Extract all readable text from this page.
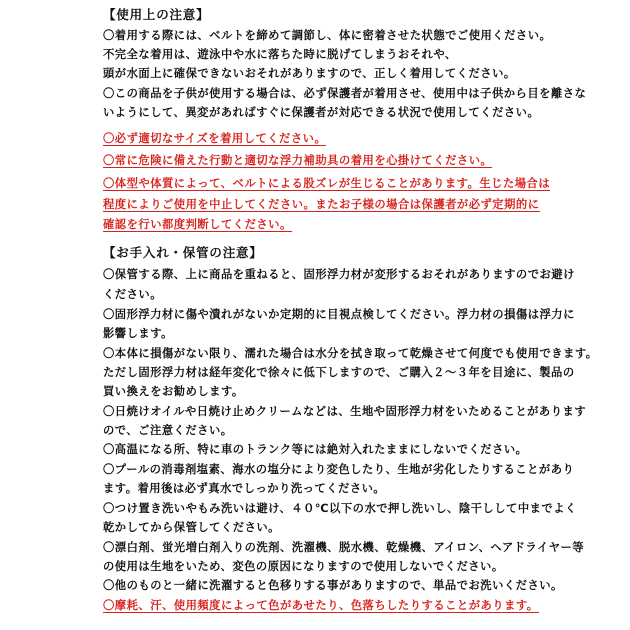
【使用上の注意】
〇着用する際には、ベルトを締めて調節し、体に密着させた状態でご使用ください。
不完全な着用は、遊泳中や水に落ちた時に脱げてしまうおそれや、
頭が水面上に確保できないおそれがありますので、正しく着用してください。
〇この商品を子供が使用する場合は、必ず保護者が着用させ、使用中は子供から目を離さな
いようにして、異変があればすぐに保護者が対応できる状況で使用してください。
〇必ず適切なサイズを着用してください。
〇常に危険に備えた行動と適切な浮力補助具の着用を心掛けてください。
〇体型や体質によって、ベルトによる股ズレが生じることがあります。生じた場合は
程度によりご使用を中止してください。またお子様の場合は保護者が必ず定期的に
確認を行い都度判断してください。
【お手入れ・保管の注意】
〇保管する際、上に商品を重ねると、固形浮力材が変形するおそれがありますのでお避け
ください。
〇固形浮力材に傷や潰れがないか定期的に目視点検してください。浮力材の損傷は浮力に
影響します。
〇本体に損傷がない限り、濡れた場合は水分を拭き取って乾燥させて何度でも使用できます。
ただし固形浮力材は経年変化で徐々に低下しますので、ご購入２～３年を目途に、製品の
買い換えをお勧めします。
〇日焼けオイルや日焼け止めクリームなどは、生地や固形浮力材をいためることがあります
ので、ご注意ください。
〇高温になる所、特に車のトランク等には絶対入れたままにしないでください。
〇プールの消毒剤塩素、海水の塩分により変色したり、生地が劣化したりすることがあり
ます。着用後は必ず真水でしっかり洗ってください。
〇つけ置き洗いやもみ洗いは避け、４０℃以下の水で押し洗いし、陰干しして中までよく
乾かしてから保管してください。
〇漂白剤、蛍光増白剤入りの洗剤、洗濯機、脱水機、乾燥機、アイロン、ヘアドライヤー等
の使用は生地をいため、変色の原因になりますので使用しないでください。
〇他のものと一緒に洗濯すると色移りする事がありますので、単品でお洗いください。
〇摩耗、汗、使用頻度によって色があせたり、色落ちしたりすることがあります。
